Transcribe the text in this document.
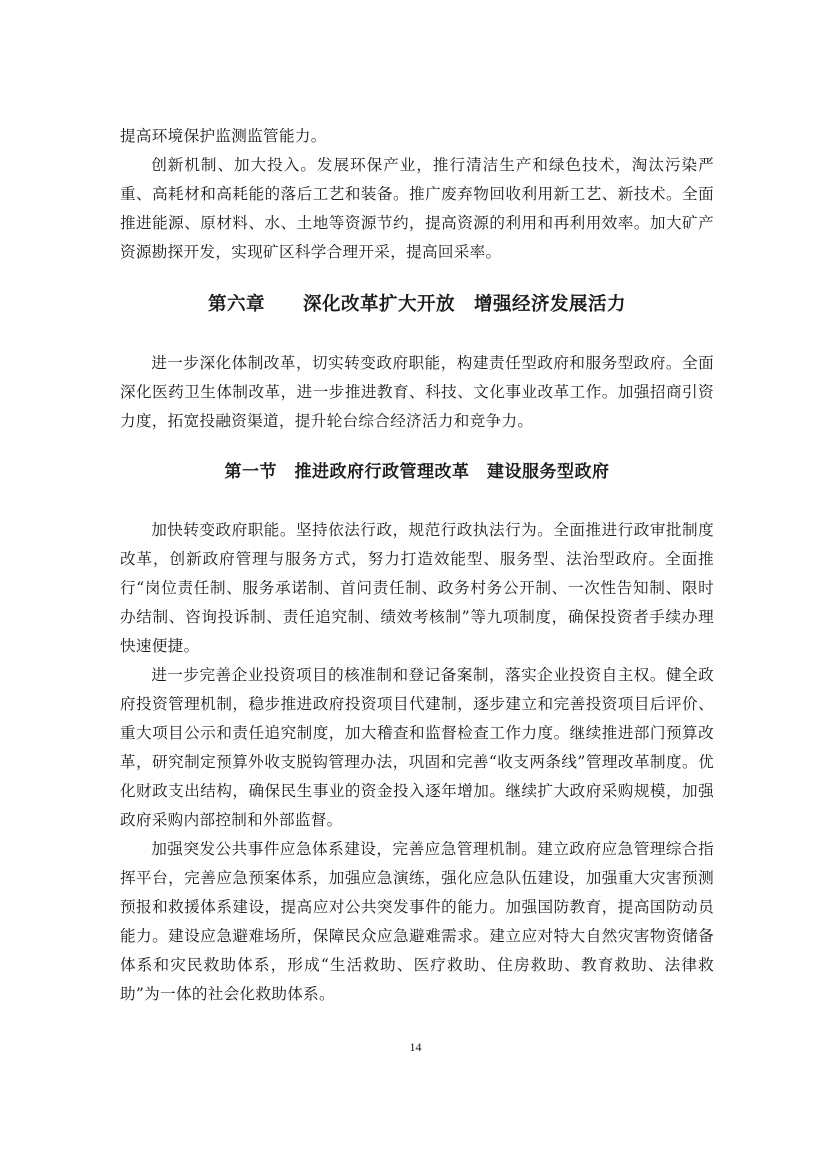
提高环境保护监测监管能力。

创新机制、加大投入。发展环保产业，推行清洁生产和绿色技术，淘汰污染严重、高耗材和高耗能的落后工艺和装备。推广废弃物回收利用新工艺、新技术。全面推进能源、原材料、水、土地等资源节约，提高资源的利用和再利用效率。加大矿产资源勘探开发，实现矿区科学合理开采，提高回采率。

第六章　　深化改革扩大开放　增强经济发展活力

进一步深化体制改革，切实转变政府职能，构建责任型政府和服务型政府。全面深化医药卫生体制改革，进一步推进教育、科技、文化事业改革工作。加强招商引资力度，拓宽投融资渠道，提升轮台综合经济活力和竞争力。

第一节　推进政府行政管理改革　建设服务型政府

加快转变政府职能。坚持依法行政，规范行政执法行为。全面推进行政审批制度改革，创新政府管理与服务方式，努力打造效能型、服务型、法治型政府。全面推行“岗位责任制、服务承诺制、首问责任制、政务村务公开制、一次性告知制、限时办结制、咨询投诉制、责任追究制、绩效考核制”等九项制度，确保投资者手续办理快速便捷。

进一步完善企业投资项目的核准制和登记备案制，落实企业投资自主权。健全政府投资管理机制，稳步推进政府投资项目代建制，逐步建立和完善投资项目后评价、重大项目公示和责任追究制度，加大稽查和监督检查工作力度。继续推进部门预算改革，研究制定预算外收支脱钩管理办法，巩固和完善“收支两条线”管理改革制度。优化财政支出结构，确保民生事业的资金投入逐年增加。继续扩大政府采购规模，加强政府采购内部控制和外部监督。

加强突发公共事件应急体系建设，完善应急管理机制。建立政府应急管理综合指挥平台，完善应急预案体系，加强应急演练，强化应急队伍建设，加强重大灾害预测预报和救援体系建设，提高应对公共突发事件的能力。加强国防教育，提高国防动员能力。建设应急避难场所，保障民众应急避难需求。建立应对特大自然灾害物资储备体系和灾民救助体系，形成“生活救助、医疗救助、住房救助、教育救助、法律救助”为一体的社会化救助体系。

14
